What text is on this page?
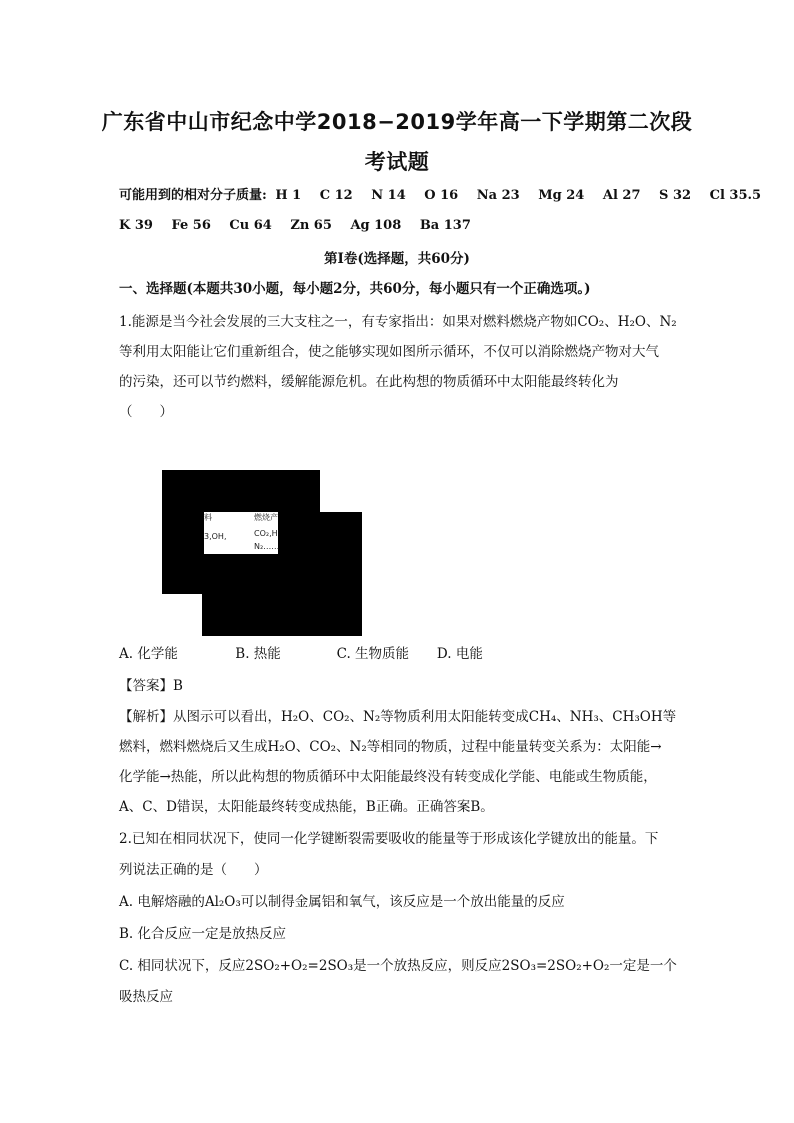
广东省中山市纪念中学2018−2019学年高一下学期第二次段
考试题
可能用到的相对分子质量: H 1 C 12 N 14 O 16 Na 23 Mg 24 Al 27 S 32 Cl 35.5
K 39 Fe 56 Cu 64 Zn 65 Ag 108 Ba 137
第Ⅰ卷(选择题，共60分)
一、选择题(本题共30小题，每小题2分，共60分，每小题只有一个正确选项。)
1.能源是当今社会发展的三大支柱之一，有专家指出：如果对燃料燃烧产物如CO₂、H₂O、N₂
等利用太阳能让它们重新组合，使之能够实现如图所示循环，不仅可以消除燃烧产物对大气
的污染，还可以节约燃料，缓解能源危机。在此构想的物质循环中太阳能最终转化为
（　　）
料
3,OH,
燃烧产
CO₂,H
N₂……
A. 化学能	B. 热能	C. 生物质能 D. 电能
【答案】B
【解析】从图示可以看出，H₂O、CO₂、N₂等物质利用太阳能转变成CH₄、NH₃、CH₃OH等
燃料，燃料燃烧后又生成H₂O、CO₂、N₂等相同的物质，过程中能量转变关系为：太阳能→
化学能→热能，所以此构想的物质循环中太阳能最终没有转变成化学能、电能或生物质能，
A、C、D错误，太阳能最终转变成热能，B正确。正确答案B。
2.已知在相同状况下，使同一化学键断裂需要吸收的能量等于形成该化学键放出的能量。下
列说法正确的是（　　）
A. 电解熔融的Al₂O₃可以制得金属铝和氧气，该反应是一个放出能量的反应
B. 化合反应一定是放热反应
C. 相同状况下，反应2SO₂+O₂=2SO₃是一个放热反应，则反应2SO₃=2SO₂+O₂一定是一个
吸热反应
